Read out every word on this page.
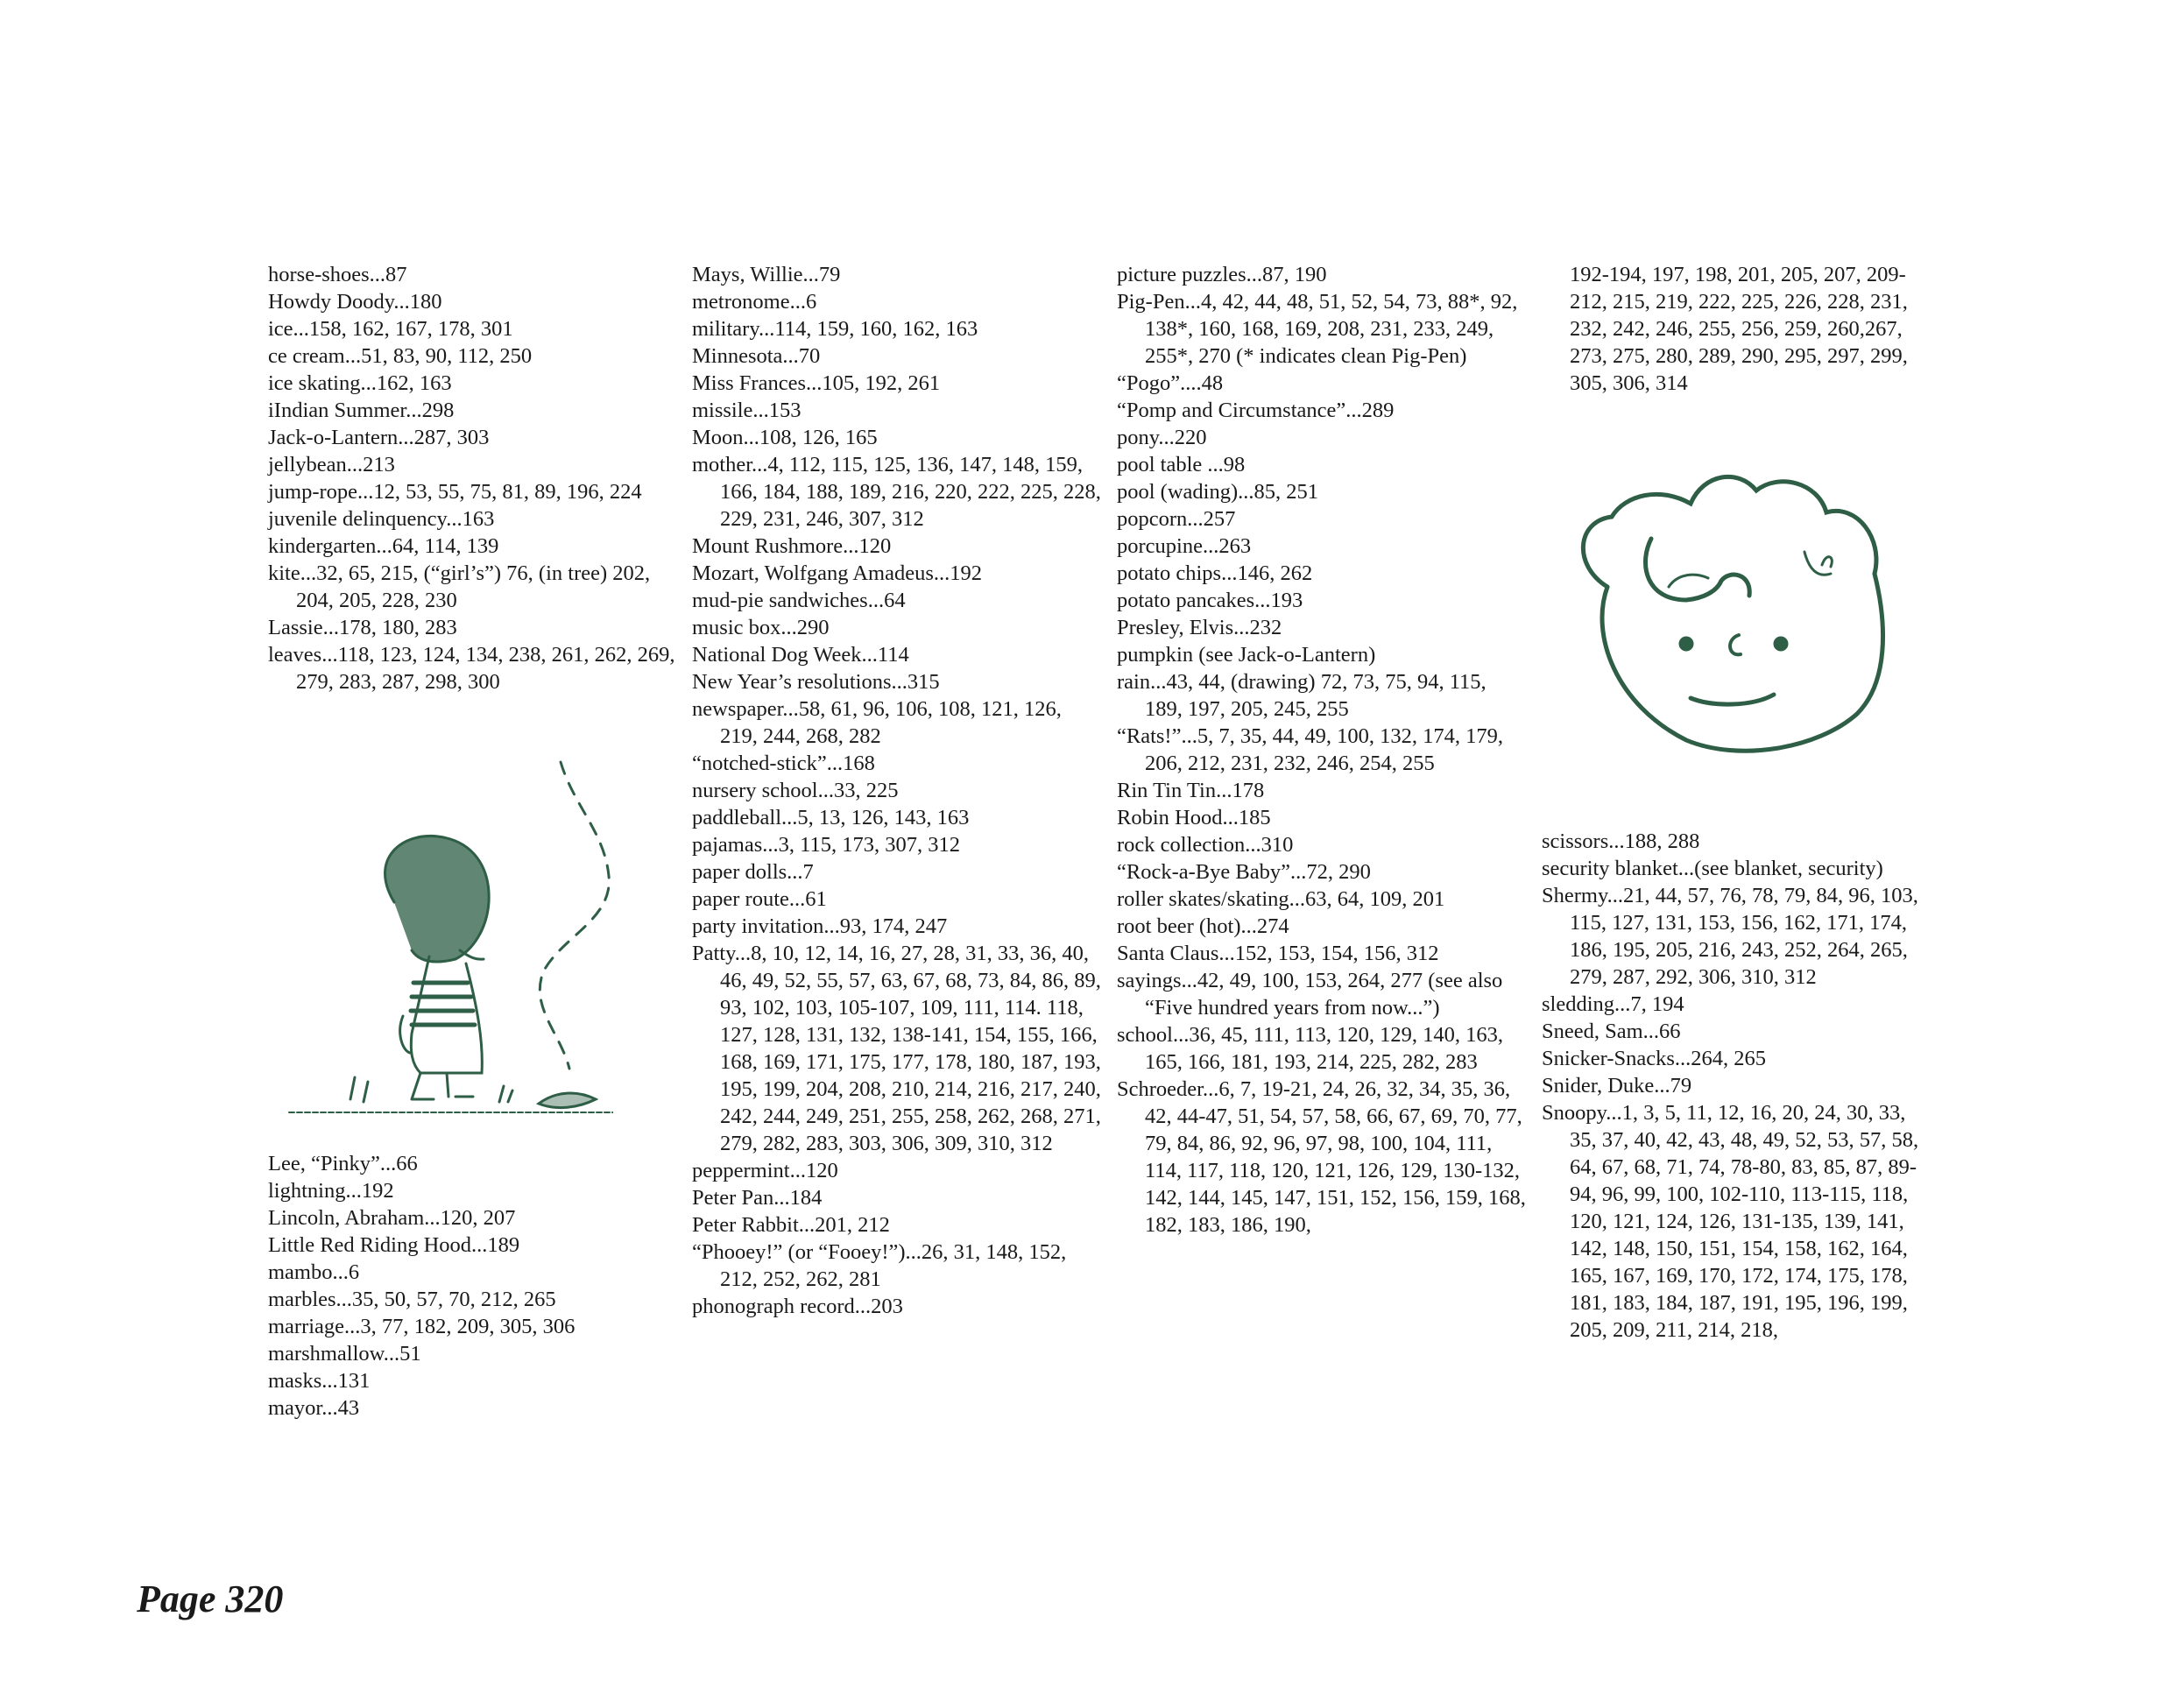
horse-shoes...87
Howdy Doody...180
ice...158, 162, 167, 178, 301
ce cream...51, 83, 90, 112, 250
ice skating...162, 163
iIndian Summer...298
Jack-o-Lantern...287, 303
jellybean...213
jump-rope...12, 53, 55, 75, 81, 89, 196, 224
juvenile delinquency...163
kindergarten...64, 114, 139
kite...32, 65, 215, (“girl’s”) 76, (in tree) 202, 204, 205, 228, 230
Lassie...178, 180, 283
leaves...118, 123, 124, 134, 238, 261, 262, 269, 279, 283, 287, 298, 300
Lee, “Pinky”...66
lightning...192
Lincoln, Abraham...120, 207
Little Red Riding Hood...189
mambo...6
marbles...35, 50, 57, 70, 212, 265
marriage...3, 77, 182, 209, 305, 306
marshmallow...51
masks...131
mayor...43
Mays, Willie...79
metronome...6
military...114, 159, 160, 162, 163
Minnesota...70
Miss Frances...105, 192, 261
missile...153
Moon...108, 126, 165
mother...4, 112, 115, 125, 136, 147, 148, 159, 166, 184, 188, 189, 216, 220, 222, 225, 228, 229, 231, 246, 307, 312
Mount Rushmore...120
Mozart, Wolfgang Amadeus...192
mud-pie sandwiches...64
music box...290
National Dog Week...114
New Year’s resolutions...315
newspaper...58, 61, 96, 106, 108, 121, 126, 219, 244, 268, 282
“notched-stick”...168
nursery school...33, 225
paddleball...5, 13, 126, 143, 163
pajamas...3, 115, 173, 307, 312
paper dolls...7
paper route...61
party invitation...93, 174, 247
Patty...8, 10, 12, 14, 16, 27, 28, 31, 33, 36, 40, 46, 49, 52, 55, 57, 63, 67, 68, 73, 84, 86, 89, 93, 102, 103, 105-107, 109, 111, 114. 118, 127, 128, 131, 132, 138-141, 154, 155, 166, 168, 169, 171, 175, 177, 178, 180, 187, 193, 195, 199, 204, 208, 210, 214, 216, 217, 240, 242, 244, 249, 251, 255, 258, 262, 268, 271, 279, 282, 283, 303, 306, 309, 310, 312
peppermint...120
Peter Pan...184
Peter Rabbit...201, 212
“Phooey!” (or “Fooey!”)...26, 31, 148, 152, 212, 252, 262, 281
phonograph record...203
picture puzzles...87, 190
Pig-Pen...4, 42, 44, 48, 51, 52, 54, 73, 88*, 92, 138*, 160, 168, 169, 208, 231, 233, 249, 255*, 270 (* indicates clean Pig-Pen)
“Pogo”....48
“Pomp and Circumstance”...289
pony...220
pool table ...98
pool (wading)...85, 251
popcorn...257
porcupine...263
potato chips...146, 262
potato pancakes...193
Presley, Elvis...232
pumpkin (see Jack-o-Lantern)
rain...43, 44, (drawing) 72, 73, 75, 94, 115, 189, 197, 205, 245, 255
“Rats!”...5, 7, 35, 44, 49, 100, 132, 174, 179, 206, 212, 231, 232, 246, 254, 255
Rin Tin Tin...178
Robin Hood...185
rock collection...310
“Rock-a-Bye Baby”...72, 290
roller skates/skating...63, 64, 109, 201
root beer (hot)...274
Santa Claus...152, 153, 154, 156, 312
sayings...42, 49, 100, 153, 264, 277 (see also “Five hundred years from now...”)
school...36, 45, 111, 113, 120, 129, 140, 163, 165, 166, 181, 193, 214, 225, 282, 283
Schroeder...6, 7, 19-21, 24, 26, 32, 34, 35, 36, 42, 44-47, 51, 54, 57, 58, 66, 67, 69, 70, 77, 79, 84, 86, 92, 96, 97, 98, 100, 104, 111, 114, 117, 118, 120, 121, 126, 129, 130-132, 142, 144, 145, 147, 151, 152, 156, 159, 168, 182, 183, 186, 190,
192-194, 197, 198, 201, 205, 207, 209-212, 215, 219, 222, 225, 226, 228, 231, 232, 242, 246, 255, 256, 259, 260,267, 273, 275, 280, 289, 290, 295, 297, 299, 305, 306, 314
scissors...188, 288
security blanket...(see blanket, security)
Shermy...21, 44, 57, 76, 78, 79, 84, 96, 103, 115, 127, 131, 153, 156, 162, 171, 174, 186, 195, 205, 216, 243, 252, 264, 265, 279, 287, 292, 306, 310, 312
sledding...7, 194
Sneed, Sam...66
Snicker-Snacks...264, 265
Snider, Duke...79
Snoopy...1, 3, 5, 11, 12, 16, 20, 24, 30, 33, 35, 37, 40, 42, 43, 48, 49, 52, 53, 57, 58, 64, 67, 68, 71, 74, 78-80, 83, 85, 87, 89-94, 96, 99, 100, 102-110, 113-115, 118, 120, 121, 124, 126, 131-135, 139, 141, 142, 148, 150, 151, 154, 158, 162, 164, 165, 167, 169, 170, 172, 174, 175, 178, 181, 183, 184, 187, 191, 195, 196, 199, 205, 209, 211, 214, 218,
Page 320
